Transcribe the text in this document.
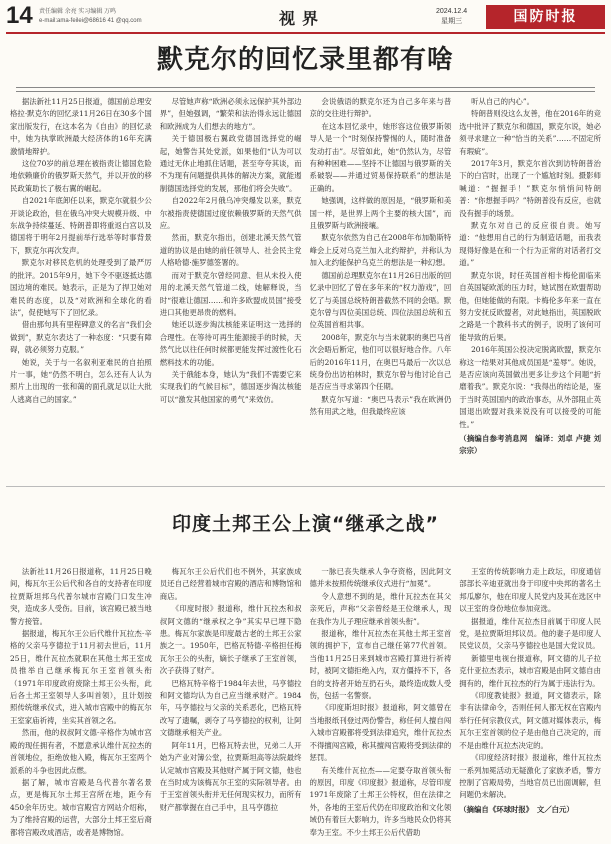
14 责任编辑 余亮 实习编辑 万鸣
e-mail:ama-feilei@68616 41 @qq.com	视界	2024.12.4
星期三	国防时报
默克尔的回忆录里都有啥

据法新社11月25日报道，德国前总理安格拉·默克尔的回忆录11月26日在30多个国家出版发行，在这本名为《自由》的回忆录中，她为执掌欧洲最大经济体的16年充满激情地辩护。

这位70岁的前总理在被指责让德国危险地依赖廉价的俄罗斯天然气，并以开放的移民政策助长了极右翼的崛起。

自2021年底卸任以来，默克尔就很少公开谈论政治，但在俄乌冲突大规模升级、中东战争持续蔓延、特朗普即将重返白宫以及德国将于明年2月提前举行选举等时事背景下，默克尔再次发声。

默克尔对移民危机的处理受到了最严厉的批评。2015年9月，她下令不驱逐抵达德国边境的难民。她表示，正是为了捍卫她对难民的态度，以及“对欧洲和全球化的看法”，促使她写下了回忆录。

借由那句具有里程碑意义的名言“我们会做到”，默克尔表达了一种态度：“只要有障碍，就必须努力克服。”

她说，关于与一名叙利亚难民的自拍照片一事，她“仍然不明白，怎么还有人认为照片上出现的一张和蔼的面孔就足以让大批人逃离自己的国家。”

尽管她声称“欧洲必须永远保护其外部边界”，但她强调，“繁荣和法治得永远让德国和欧洲成为人们想去的地方”。

关于德国极右翼政党德国选择党的崛起，她警告其处党派，如果他们“认为可以通过无休止地抓住话题，甚至夸夸其谈，而不为现有问题提供具体的解决方案，就能遏制德国选择党的发展，那他们将会失败”。

自2022年2月俄乌冲突爆发以来，默克尔被指责使德国过度依赖俄罗斯的天然气供应。

然而，默克尔指出，创建北溪天然气管道的协议是由她的前任领导人、社会民主党人格哈德·施罗德签署的。

而对于默克尔曾经同意、但从未投入使用的北溪天然气管道二线，她解释说，当时“很难让德国……和许多欧盟成员国”接受进口其他更昂贵的燃料。

她还以逐步淘汰核能来证明这一选择的合理性。在等待可再生能源接手的时候，天然气比以往任何时候都更能发挥过渡性化石燃料技术的功能。

关于俄能本身，她认为“我们不需要它来实现我们的气候目标”，德国逐步淘汰核能可以“激发其他国家的勇气”来效仿。

会说俄语的默克尔还为自己多年来与普京的交往进行辩护。

在这本回忆录中，她形容这位俄罗斯领导人是一个“时刻保持警惕的人，随时准备发动打击”。尽管如此，她“仍然认为，尽管有种种困难——坚持不让德国与俄罗斯的关系破裂——并通过贸易保持联系”的想法是正确的。

她强调，这样做的原因是，“俄罗斯和美国一样，是世界上两个主要的核大国”，而且俄罗斯与欧洲接壤。

默克尔依然为自己在2008年布加勒斯特峰会上反对乌克兰加入北约辩护，并称认为加入北约能保护乌克兰的想法是一种幻想。

德国前总理默克尔在11月26日出版的回忆录中回忆了曾在多年来的“权力游戏”，回忆了与美国总统特朗普截然不同的会晤。默克尔曾与四位美国总统、四位法国总统和五位英国首相共事。

2008年，默克尔与当未就职的奥巴马首次会晤后断定，他们可以很好地合作。八年后的2016年11月，在奥巴马最后一次以总统身份出访柏林时，默克尔曾与他讨论自己是否应当寻求第四个任期。

默克尔写道：“奥巴马表示”我在欧洲仍然有用武之地，但我最终应该

听从自己的内心”。

特朗普则没这么友善，他在2016年的竞选中批评了默克尔和德国，默克尔说，她必须寻求建立一种“恰当的关系”……不固定所有瑕疵”。

2017年3月，默克尔首次到访特朗普治下的白宫时，出现了一个尴尬时刻。摄影师喊道：“握握手！”默克尔悄悄问特朗普：“你想握手吗？”特朗普没有反应，也就没有握手的场景。

默克尔对自己的反应很自责。她写道：“他想用自己的行为制造话题，而我表现得好像是在和一个行为正常的对话者打交道。”

默克尔说，时任英国首相卡梅伦面临来自英国疑欧派的压力时，她试图在欧盟帮助他，但她能做的有限。卡梅伦多年来一直在努力安抚反欧盟者，对此她指出，英国脱欧之路是一个教科书式的例子，说明了该何可能导致的后果。

2016年英国公投决定脱离欧盟，默克尔称这一结果对其他成员国是“羞辱”。她说，是否应该向英国做出更多让步这个问题“折磨着我”。默克尔说：“我得出的结论是，鉴于当时英国国内的政治事态，从外部阻止英国退出欧盟对我来说没有可以接受的可能性。”

（摘编自参考消息网　编译：刘卓 卢捷 刘宗宗）

印度土邦王公上演“继承之战”

法新社11月26日报道称，11月25日晚间，梅瓦尔王公后代和各自的支持者在印度拉贾斯坦邦乌代普尔城市宫殿门口发生冲突，造成多人受伤。目前，该宫殿已被当地警方接管。

据报道，梅瓦尔王公后代维什瓦拉杰·辛格的父亲马亨德拉于11月初去世后，11月25日，维什瓦拉杰就职在其他土邦王室成员推举自己继承梅瓦尔王室首领头衔（1971年印度政府废除土邦王公头衔，此后各土邦王室领导人多叫首领），且计划按照传统继承仪式，进入城市宫殿中的梅瓦尔王室家庙祈祷，坐实其首领之名。

然而，他的叔叔阿文德·辛格作为城市宫殿的现任拥有者，不愿意承认维什瓦拉杰的首领地位，拒绝放他入殿，梅瓦尔王室两个派系的斗争也因此点燃。

据了解，城市宫殿是乌代普尔著名景点，更是梅瓦尔土邦王宫所在地，距今有450余年历史。城市宫殿官方网站介绍称，为了维持宫殿的运营，大部分土邦王室后裔都将宫殿改成酒店，或者是博物馆。

梅瓦尔王公后代们也不例外，其家族成员还自己经营着城市宫殿的酒店和博物馆和商店。

《印度时报》报道称，维什瓦拉杰和叔叔阿文德的“继承权之争”其实早已埋下隐患。梅瓦尔家族是印度最古老的土邦王公家族之一。1950年，巴格瓦特德·辛格担任梅瓦尔王公的头衔，嫡长子继承了王室首领，次子获得了财产。

巴格瓦特辛格于1984年去世，马亨德拉和阿文德均认为自己应当继承财产。1984年，马亨德拉与父亲的关系恶化，巴格瓦特改写了遗嘱，剥夺了马亨德拉的权利，让阿文德继承相关产业。

阿年11月，巴格瓦特去世，兄弟二人开始为产业对簿公堂，拉贾斯坦高等法院最终认定城市宫殿及其他财产属于阿文德，他也在当时成为该梅瓦尔王室的实际领导者。由于王室首领头衔并无任何现实权力，而所有财产都掌握在自己手中，且马亨德拉

一脉已丧失继承人争夺资格，因此阿文德并未按照传统继承仪式进行“加冕”。

令人意想不到的是，维什瓦拉杰在其父亲死后，声称“父亲曾经是王位继承人，现在我作为儿子理应继承首领头衔”。

报道称，维什瓦拉杰在其他土邦王室首领的拥护下，宣布自己继任第77代首领。当他11月25日来到城市宫殿打算进行祈祷时，被阿文德拒绝入内，双方僵持不下，各自的支持者开始互扔石头，最终造成数人受伤，包括一名警察。

《印度斯坦时报》报道称，阿文德曾在当地报纸刊登过两份警告，称任何人擅自闯入城市宫殿都将受到法律追究，维什瓦拉杰不得擅闯宫殿，称其擅闯宫殿将受到法律的惩罚。

有关维什瓦拉杰——定要夺取首领头衔的原因，印度《印度报》报道称，尽管印度1971年废除了土邦王公特权，但在法律之外，各地的王室后代仍在印度政治和文化领域仍有着巨大影响力，许多当地民众仍将其奉为王室。不少土邦王公后代借助

王室的传统影响力走上政坛，印度通信部部长辛迪亚就出身于印度中央邦的著名土邦瓜廖尔，他在印度人民党内及其在选区中以王室的身份地位参加竞选。

据报道，维什瓦拉杰目前属于印度人民党，是拉贾斯坦邦议员。他的妻子是印度人民党议员，父亲马亨德拉也是国大党议员。

新德里电视台报道称，阿文德的儿子拉克什亚拉杰表示，城市宫殿是由阿文德自由拥有的，维什瓦拉杰的行为属于违法行为。

《印度教徒报》报道，阿文德表示，除非有法律命令，否则任何人都无权在宫殿内举行任何宗教仪式，阿文德对媒体表示，梅瓦尔王室首领的位子是由他自己决定的，而不是由维什瓦拉杰决定的。

《印度经济时报》报道称，维什瓦拉杰一系列加冕活动无疑激化了家族矛盾，警方控制了宫殿局势，当地官员已出面调解，但问题仍未解决。

（摘编自《环球时报》　文／白元）
